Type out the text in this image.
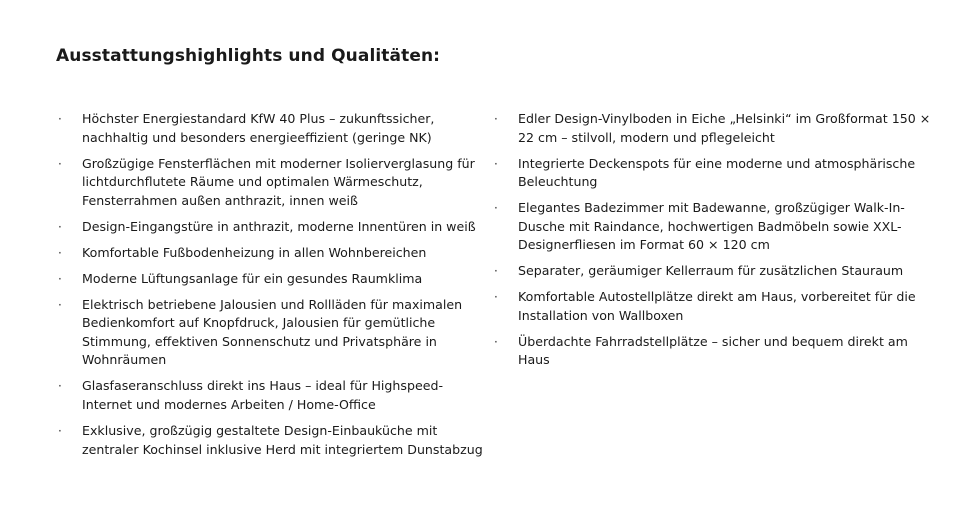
Ausstattungshighlights und Qualitäten:
· Höchster Energiestandard KfW 40 Plus – zukunftssicher, nachhaltig und besonders energieeffizient (geringe NK)
· Großzügige Fensterflächen mit moderner Isolierverglasung für lichtdurchflutete Räume und optimalen Wärmeschutz, Fensterrahmen außen anthrazit, innen weiß
· Design-Eingangstüre in anthrazit, moderne Innentüren in weiß
· Komfortable Fußbodenheizung in allen Wohnbereichen
· Moderne Lüftungsanlage für ein gesundes Raumklima
· Elektrisch betriebene Jalousien und Rollläden für maximalen Bedienkomfort auf Knopfdruck, Jalousien für gemütliche Stimmung, effektiven Sonnenschutz und Privatsphäre in Wohnräumen
· Glasfaseranschluss direkt ins Haus – ideal für Highspeed-Internet und modernes Arbeiten / Home-Office
· Exklusive, großzügig gestaltete Design-Einbauküche mit zentraler Kochinsel inklusive Herd mit integriertem Dunstabzug
· Edler Design-Vinylboden in Eiche „Helsinki“ im Großformat 150 × 22 cm – stilvoll, modern und pflegeleicht
· Integrierte Deckenspots für eine moderne und atmosphärische Beleuchtung
· Elegantes Badezimmer mit Badewanne, großzügiger Walk-In-Dusche mit Raindance, hochwertigen Badmöbeln sowie XXL-Designerfliesen im Format 60 × 120 cm
· Separater, geräumiger Kellerraum für zusätzlichen Stauraum
· Komfortable Autostellplätze direkt am Haus, vorbereitet für die Installation von Wallboxen
· Überdachte Fahrradstellplätze – sicher und bequem direkt am Haus
